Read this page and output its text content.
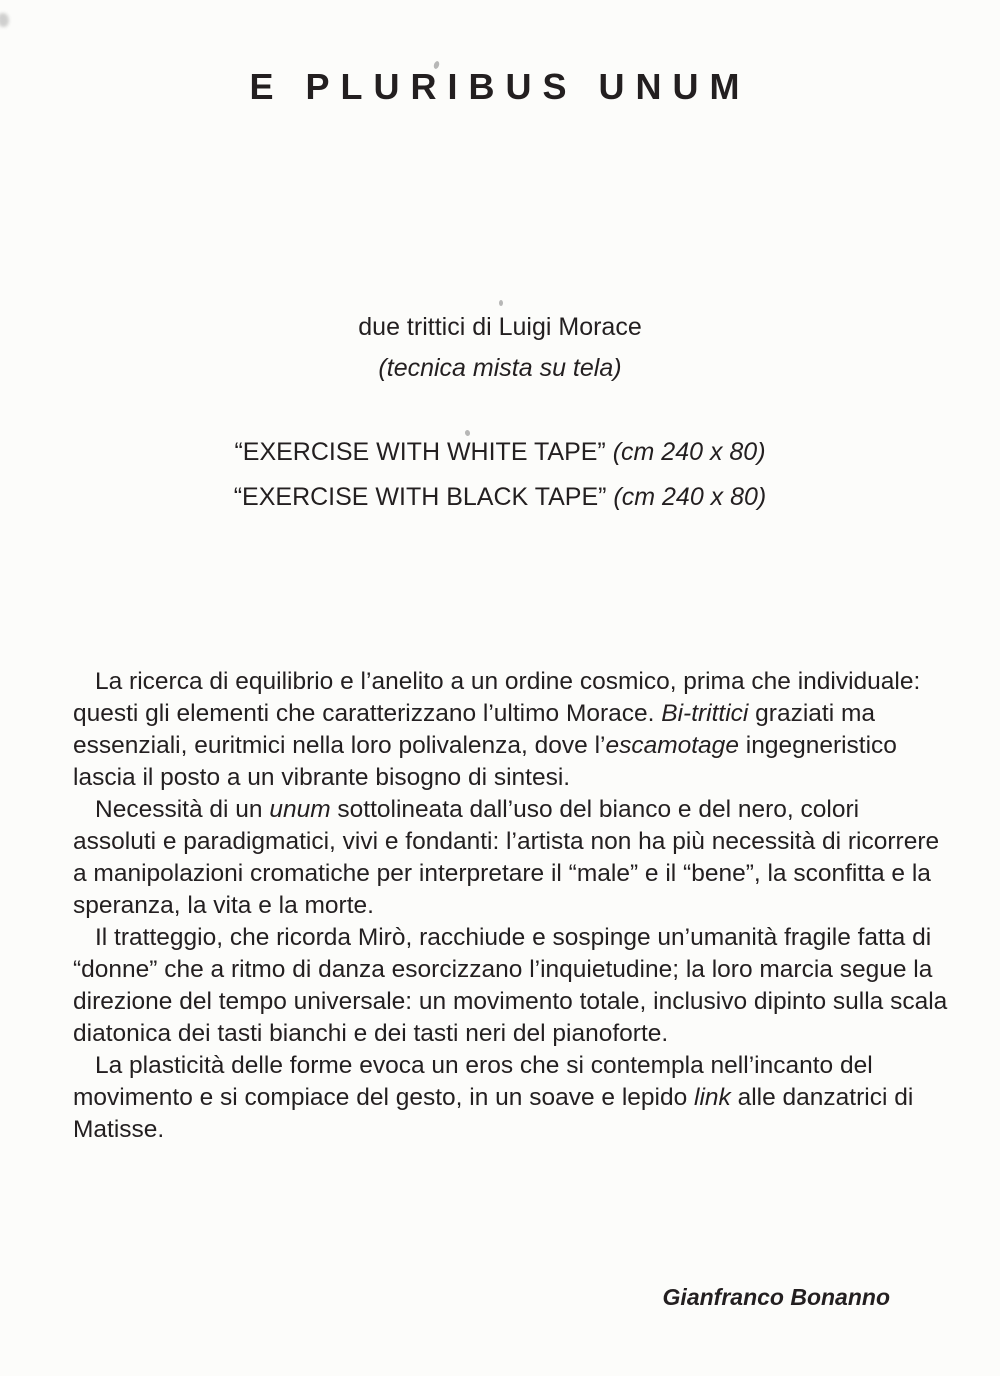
E PLURIBUS UNUM
due trittici di Luigi Morace
(tecnica mista su tela)
“EXERCISE WITH WHITE TAPE” (cm 240 x 80)
“EXERCISE WITH BLACK TAPE” (cm 240 x 80)
La ricerca di equilibrio e l’anelito a un ordine cosmico, prima che individuale:
questi gli elementi che caratterizzano l’ultimo Morace. Bi-trittici graziati ma
essenziali, euritmici nella loro polivalenza, dove l’escamotage ingegneristico
lascia il posto a un vibrante bisogno di sintesi.
Necessità di un unum sottolineata dall’uso del bianco e del nero, colori
assoluti e paradigmatici, vivi e fondanti: l’artista non ha più necessità di ricorrere
a manipolazioni cromatiche per interpretare il “male” e il “bene”, la sconfitta e la
speranza, la vita e la morte.
Il tratteggio, che ricorda Mirò, racchiude e sospinge un’umanità fragile fatta di
“donne” che a ritmo di danza esorcizzano l’inquietudine; la loro marcia segue la
direzione del tempo universale: un movimento totale, inclusivo dipinto sulla scala
diatonica dei tasti bianchi e dei tasti neri del pianoforte.
La plasticità delle forme evoca un eros che si contempla nell’incanto del
movimento e si compiace del gesto, in un soave e lepido link alle danzatrici di
Matisse.
Gianfranco Bonanno
